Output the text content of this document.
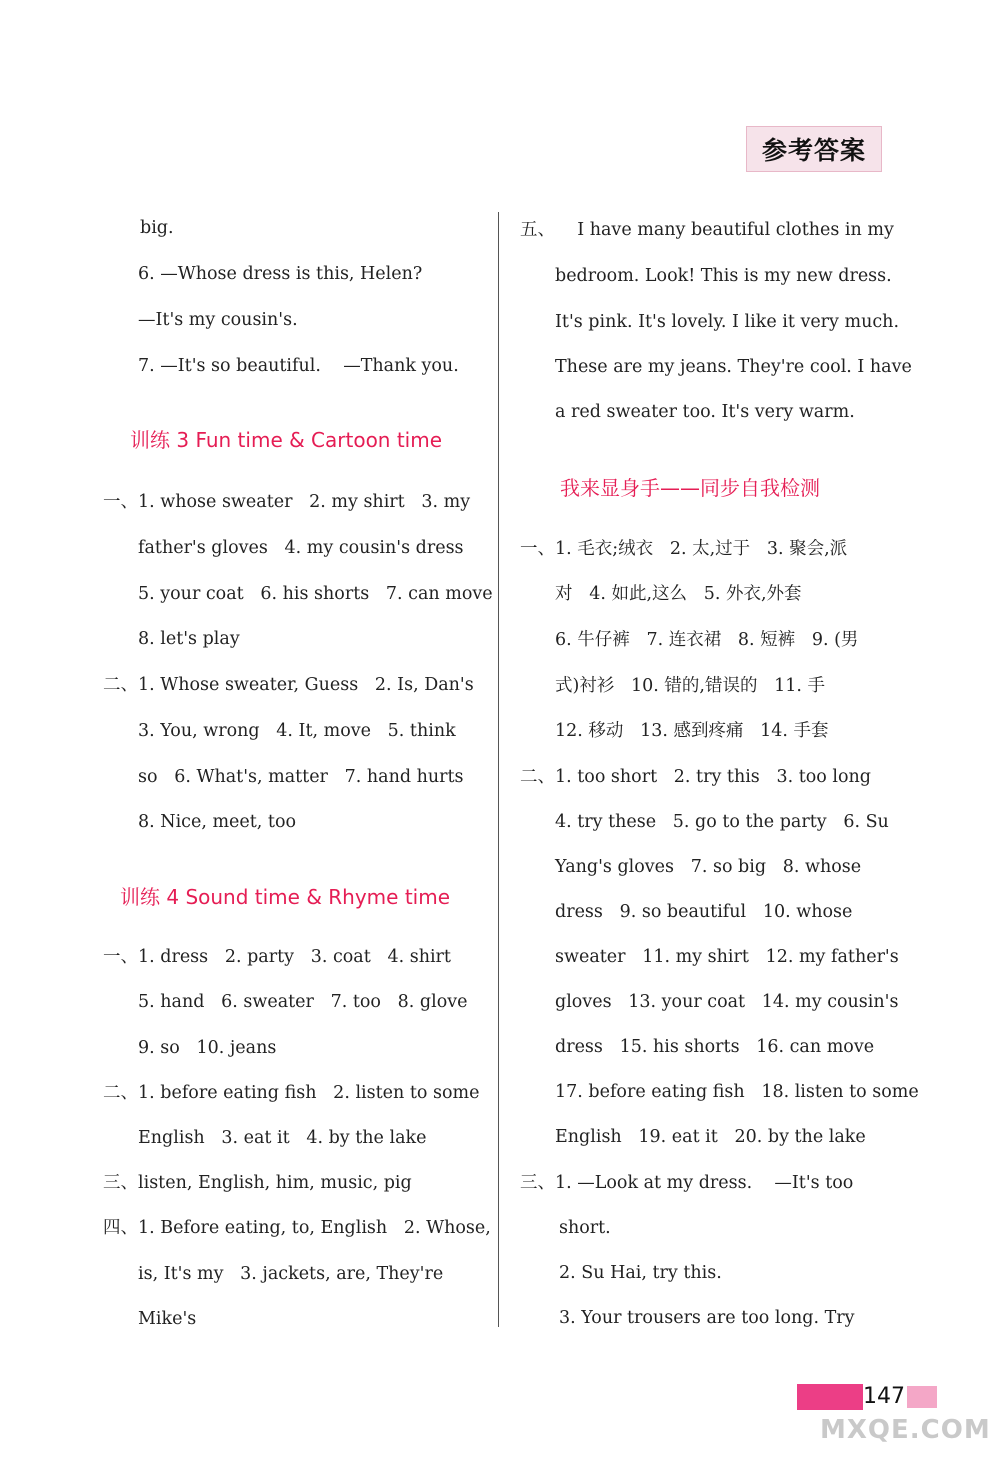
参考答案
big.
6. —Whose dress is this, Helen?
—It's my cousin's.
7. —It's so beautiful.    —Thank you.
训练 3 Fun time & Cartoon time
一、1. whose sweater   2. my shirt   3. my
father's gloves   4. my cousin's dress
5. your coat   6. his shorts   7. can move
8. let's play
二、1. Whose sweater, Guess   2. Is, Dan's
3. You, wrong   4. It, move   5. think
so   6. What's, matter   7. hand hurts
8. Nice, meet, too
训练 4 Sound time & Rhyme time
一、1. dress   2. party   3. coat   4. shirt
5. hand   6. sweater   7. too   8. glove
9. so   10. jeans
二、1. before eating fish   2. listen to some
English   3. eat it   4. by the lake
三、listen, English, him, music, pig
四、1. Before eating, to, English   2. Whose,
is, It's my   3. jackets, are, They're
Mike's
五、    I have many beautiful clothes in my
bedroom. Look! This is my new dress.
It's pink. It's lovely. I like it very much.
These are my jeans. They're cool. I have
a red sweater too. It's very warm.
我来显身手——同步自我检测
一、1. 毛衣;绒衣   2. 太,过于   3. 聚会,派
对   4. 如此,这么   5. 外衣,外套
6. 牛仔裤   7. 连衣裙   8. 短裤   9. (男
式)衬衫   10. 错的,错误的   11. 手
12. 移动   13. 感到疼痛   14. 手套
二、1. too short   2. try this   3. too long
4. try these   5. go to the party   6. Su
Yang's gloves   7. so big   8. whose
dress   9. so beautiful   10. whose
sweater   11. my shirt   12. my father's
gloves   13. your coat   14. my cousin's
dress   15. his shorts   16. can move
17. before eating fish   18. listen to some
English   19. eat it   20. by the lake
三、1. —Look at my dress.    —It's too
short.
2. Su Hai, try this.
3. Your trousers are too long. Try
147
MXQE.COM
